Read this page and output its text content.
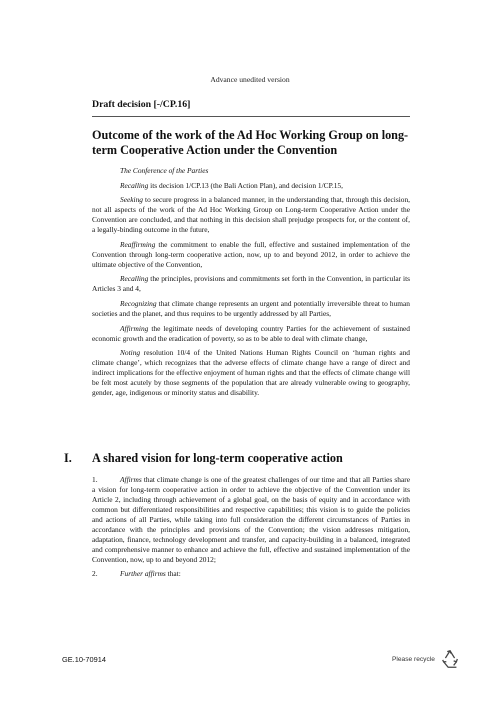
Advance unedited version
Draft decision [-/CP.16]
Outcome of the work of the Ad Hoc Working Group on long-term Cooperative Action under the Convention

The Conference of the Parties

Recalling its decision 1/CP.13 (the Bali Action Plan), and decision 1/CP.15,

Seeking to secure progress in a balanced manner, in the understanding that, through this decision, not all aspects of the work of the Ad Hoc Working Group on Long-term Cooperative Action under the Convention are concluded, and that nothing in this decision shall prejudge prospects for, or the content of, a legally-binding outcome in the future,

Reaffirming the commitment to enable the full, effective and sustained implementation of the Convention through long-term cooperative action, now, up to and beyond 2012, in order to achieve the ultimate objective of the Convention,

Recalling the principles, provisions and commitments set forth in the Convention, in particular its Articles 3 and 4,

Recognizing that climate change represents an urgent and potentially irreversible threat to human societies and the planet, and thus requires to be urgently addressed by all Parties,

Affirming the legitimate needs of developing country Parties for the achievement of sustained economic growth and the eradication of poverty, so as to be able to deal with climate change,

Noting resolution 10/4 of the United Nations Human Rights Council on ‘human rights and climate change’, which recognizes that the adverse effects of climate change have a range of direct and indirect implications for the effective enjoyment of human rights and that the effects of climate change will be felt most acutely by those segments of the population that are already vulnerable owing to geography, gender, age, indigenous or minority status and disability.

I. A shared vision for long-term cooperative action

1.	Affirms that climate change is one of the greatest challenges of our time and that all Parties share a vision for long-term cooperative action in order to achieve the objective of the Convention under its Article 2, including through achievement of a global goal, on the basis of equity and in accordance with common but differentiated responsibilities and respective capabilities; this vision is to guide the policies and actions of all Parties, while taking into full consideration the different circumstances of Parties in accordance with the principles and provisions of the Convention; the vision addresses mitigation, adaptation, finance, technology development and transfer, and capacity-building in a balanced, integrated and comprehensive manner to enhance and achieve the full, effective and sustained implementation of the Convention, now, up to and beyond 2012;

2.	Further affirms that:

GE.10-70914	Please recycle
